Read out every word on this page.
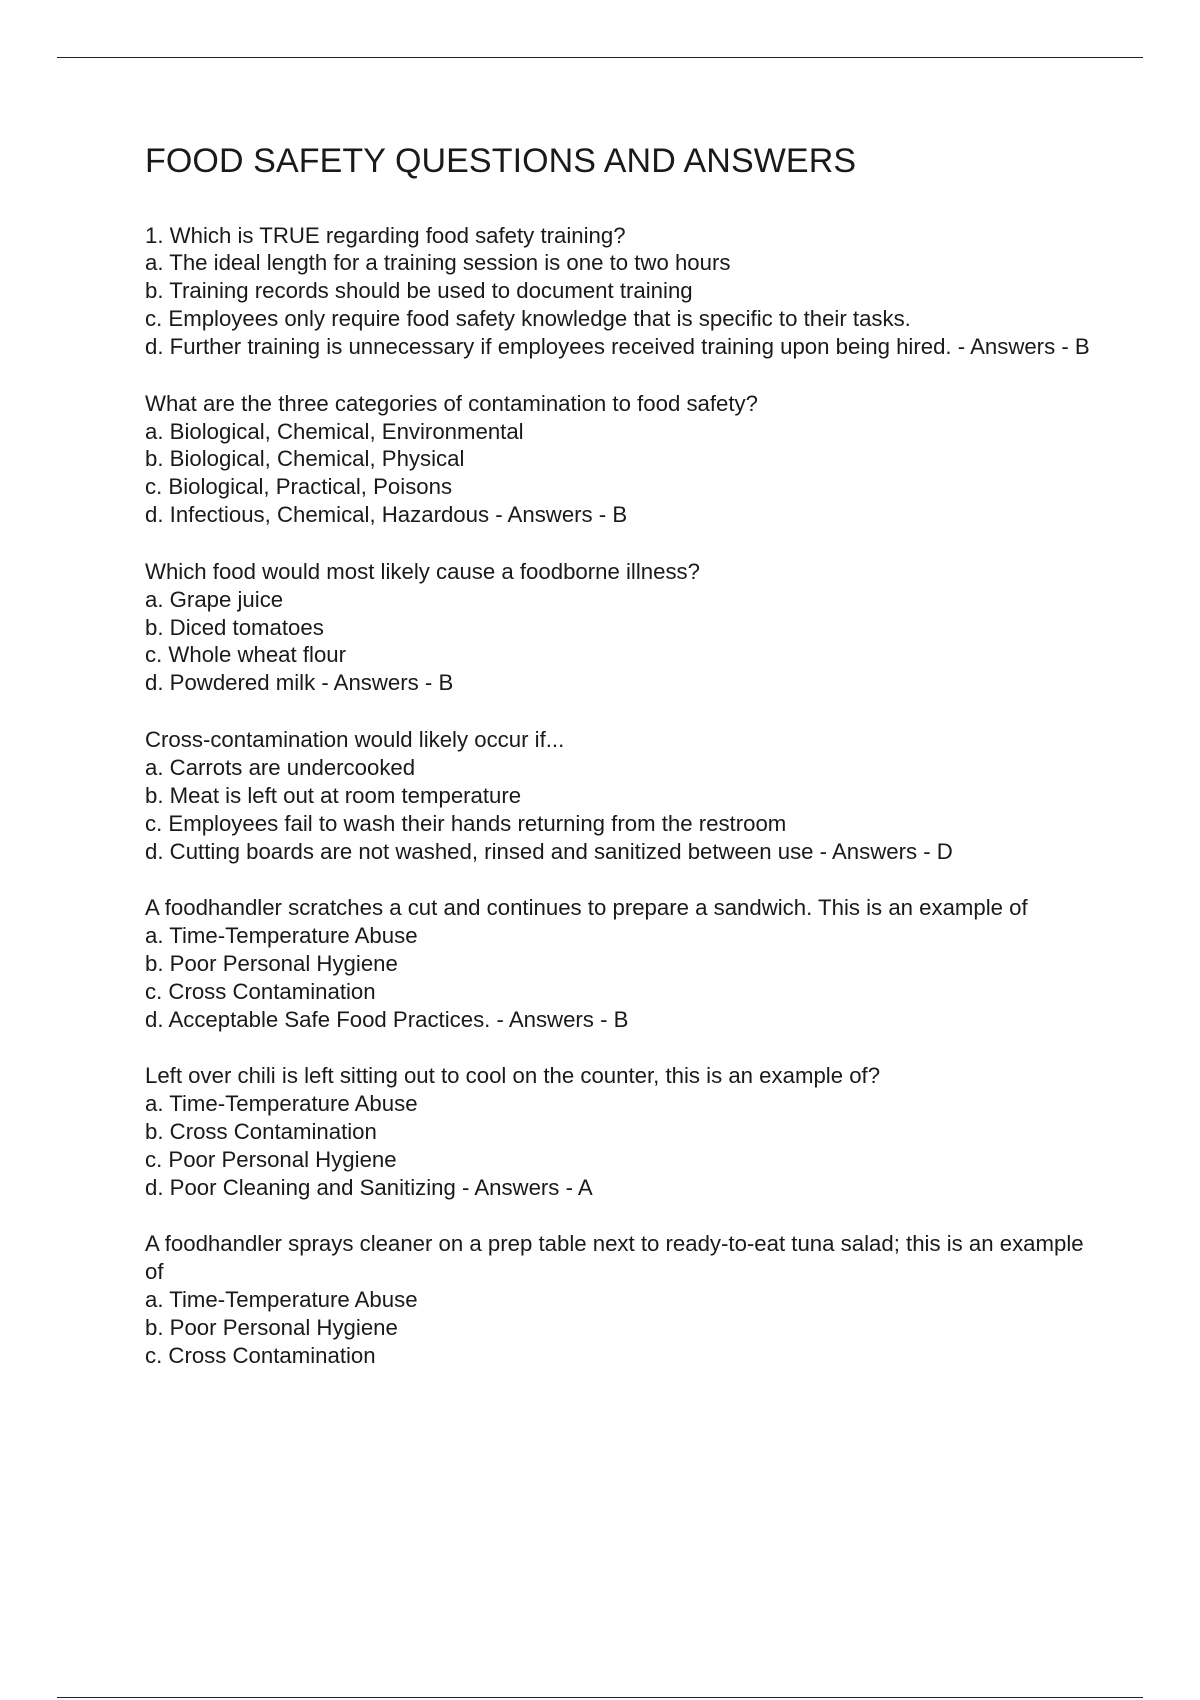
FOOD SAFETY QUESTIONS AND ANSWERS

1. Which is TRUE regarding food safety training?

a. The ideal length for a training session is one to two hours

b. Training records should be used to document training

c. Employees only require food safety knowledge that is specific to their tasks.

d. Further training is unnecessary if employees received training upon being hired. - Answers - B

What are the three categories of contamination to food safety?

a. Biological, Chemical, Environmental

b. Biological, Chemical, Physical

c. Biological, Practical, Poisons

d. Infectious, Chemical, Hazardous - Answers - B

Which food would most likely cause a foodborne illness?

a. Grape juice

b. Diced tomatoes

c. Whole wheat flour

d. Powdered milk - Answers - B

Cross-contamination would likely occur if...

a. Carrots are undercooked

b. Meat is left out at room temperature

c. Employees fail to wash their hands returning from the restroom

d. Cutting boards are not washed, rinsed and sanitized between use - Answers - D

A foodhandler scratches a cut and continues to prepare a sandwich. This is an example of

a. Time-Temperature Abuse

b. Poor Personal Hygiene

c. Cross Contamination

d. Acceptable Safe Food Practices. - Answers - B

Left over chili is left sitting out to cool on the counter, this is an example of?

a. Time-Temperature Abuse

b. Cross Contamination

c. Poor Personal Hygiene

d. Poor Cleaning and Sanitizing - Answers - A

A foodhandler sprays cleaner on a prep table next to ready-to-eat tuna salad; this is an example of

a. Time-Temperature Abuse

b. Poor Personal Hygiene

c. Cross Contamination
